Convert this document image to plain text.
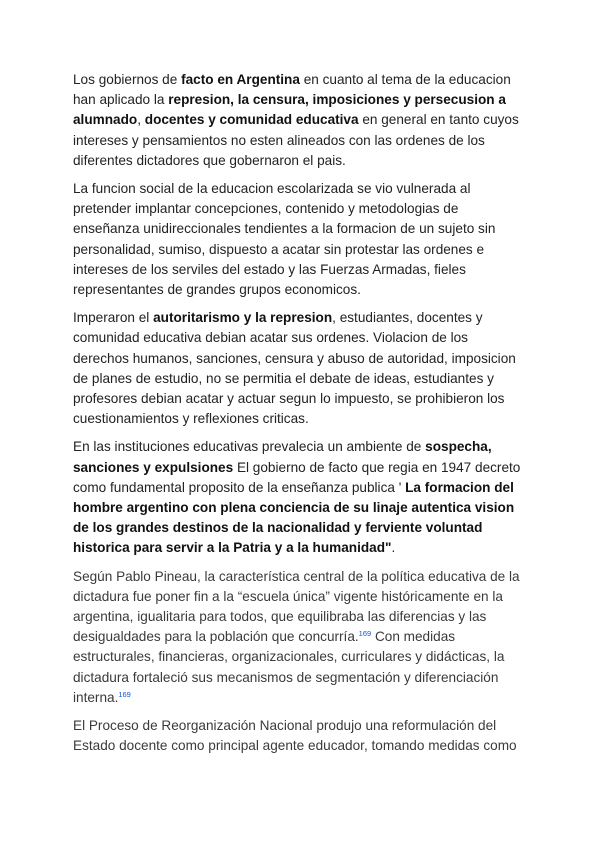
Los gobiernos de facto en Argentina en cuanto al tema de la educacion han aplicado la represion, la censura, imposiciones y persecusion a alumnado, docentes y comunidad educativa en general en tanto cuyos intereses y pensamientos no esten alineados con las ordenes de los diferentes dictadores que gobernaron el pais.

La funcion social de la educacion escolarizada se vio vulnerada al pretender implantar concepciones, contenido y metodologias de enseñanza unidireccionales tendientes a la formacion de un sujeto sin personalidad, sumiso, dispuesto a acatar sin protestar las ordenes e intereses de los serviles del estado y las Fuerzas Armadas, fieles representantes de grandes grupos economicos.

Imperaron el autoritarismo y la represion, estudiantes, docentes y comunidad educativa debian acatar sus ordenes. Violacion de los derechos humanos, sanciones, censura y abuso de autoridad, imposicion de planes de estudio, no se permitia el debate de ideas, estudiantes y profesores debian acatar y actuar segun lo impuesto, se prohibieron los cuestionamientos y reflexiones criticas.

En las instituciones educativas prevalecia un ambiente de sospecha, sanciones y expulsiones El gobierno de facto que regia en 1947 decreto como fundamental proposito de la enseñanza publica ' La formacion del hombre argentino con plena conciencia de su linaje autentica vision de los grandes destinos de la nacionalidad y ferviente voluntad historica para servir a la Patria y a la humanidad".

Según Pablo Pineau, la característica central de la política educativa de la dictadura fue poner fin a la “escuela única” vigente históricamente en la argentina, igualitaria para todos, que equilibraba las diferencias y las desigualdades para la población que concurría.$^{169}$ Con medidas estructurales, financieras, organizacionales, curriculares y didácticas, la dictadura fortaleció sus mecanismos de segmentación y diferenciación interna.$^{169}$

El Proceso de Reorganización Nacional produjo una reformulación del Estado docente como principal agente educador, tomando medidas como
